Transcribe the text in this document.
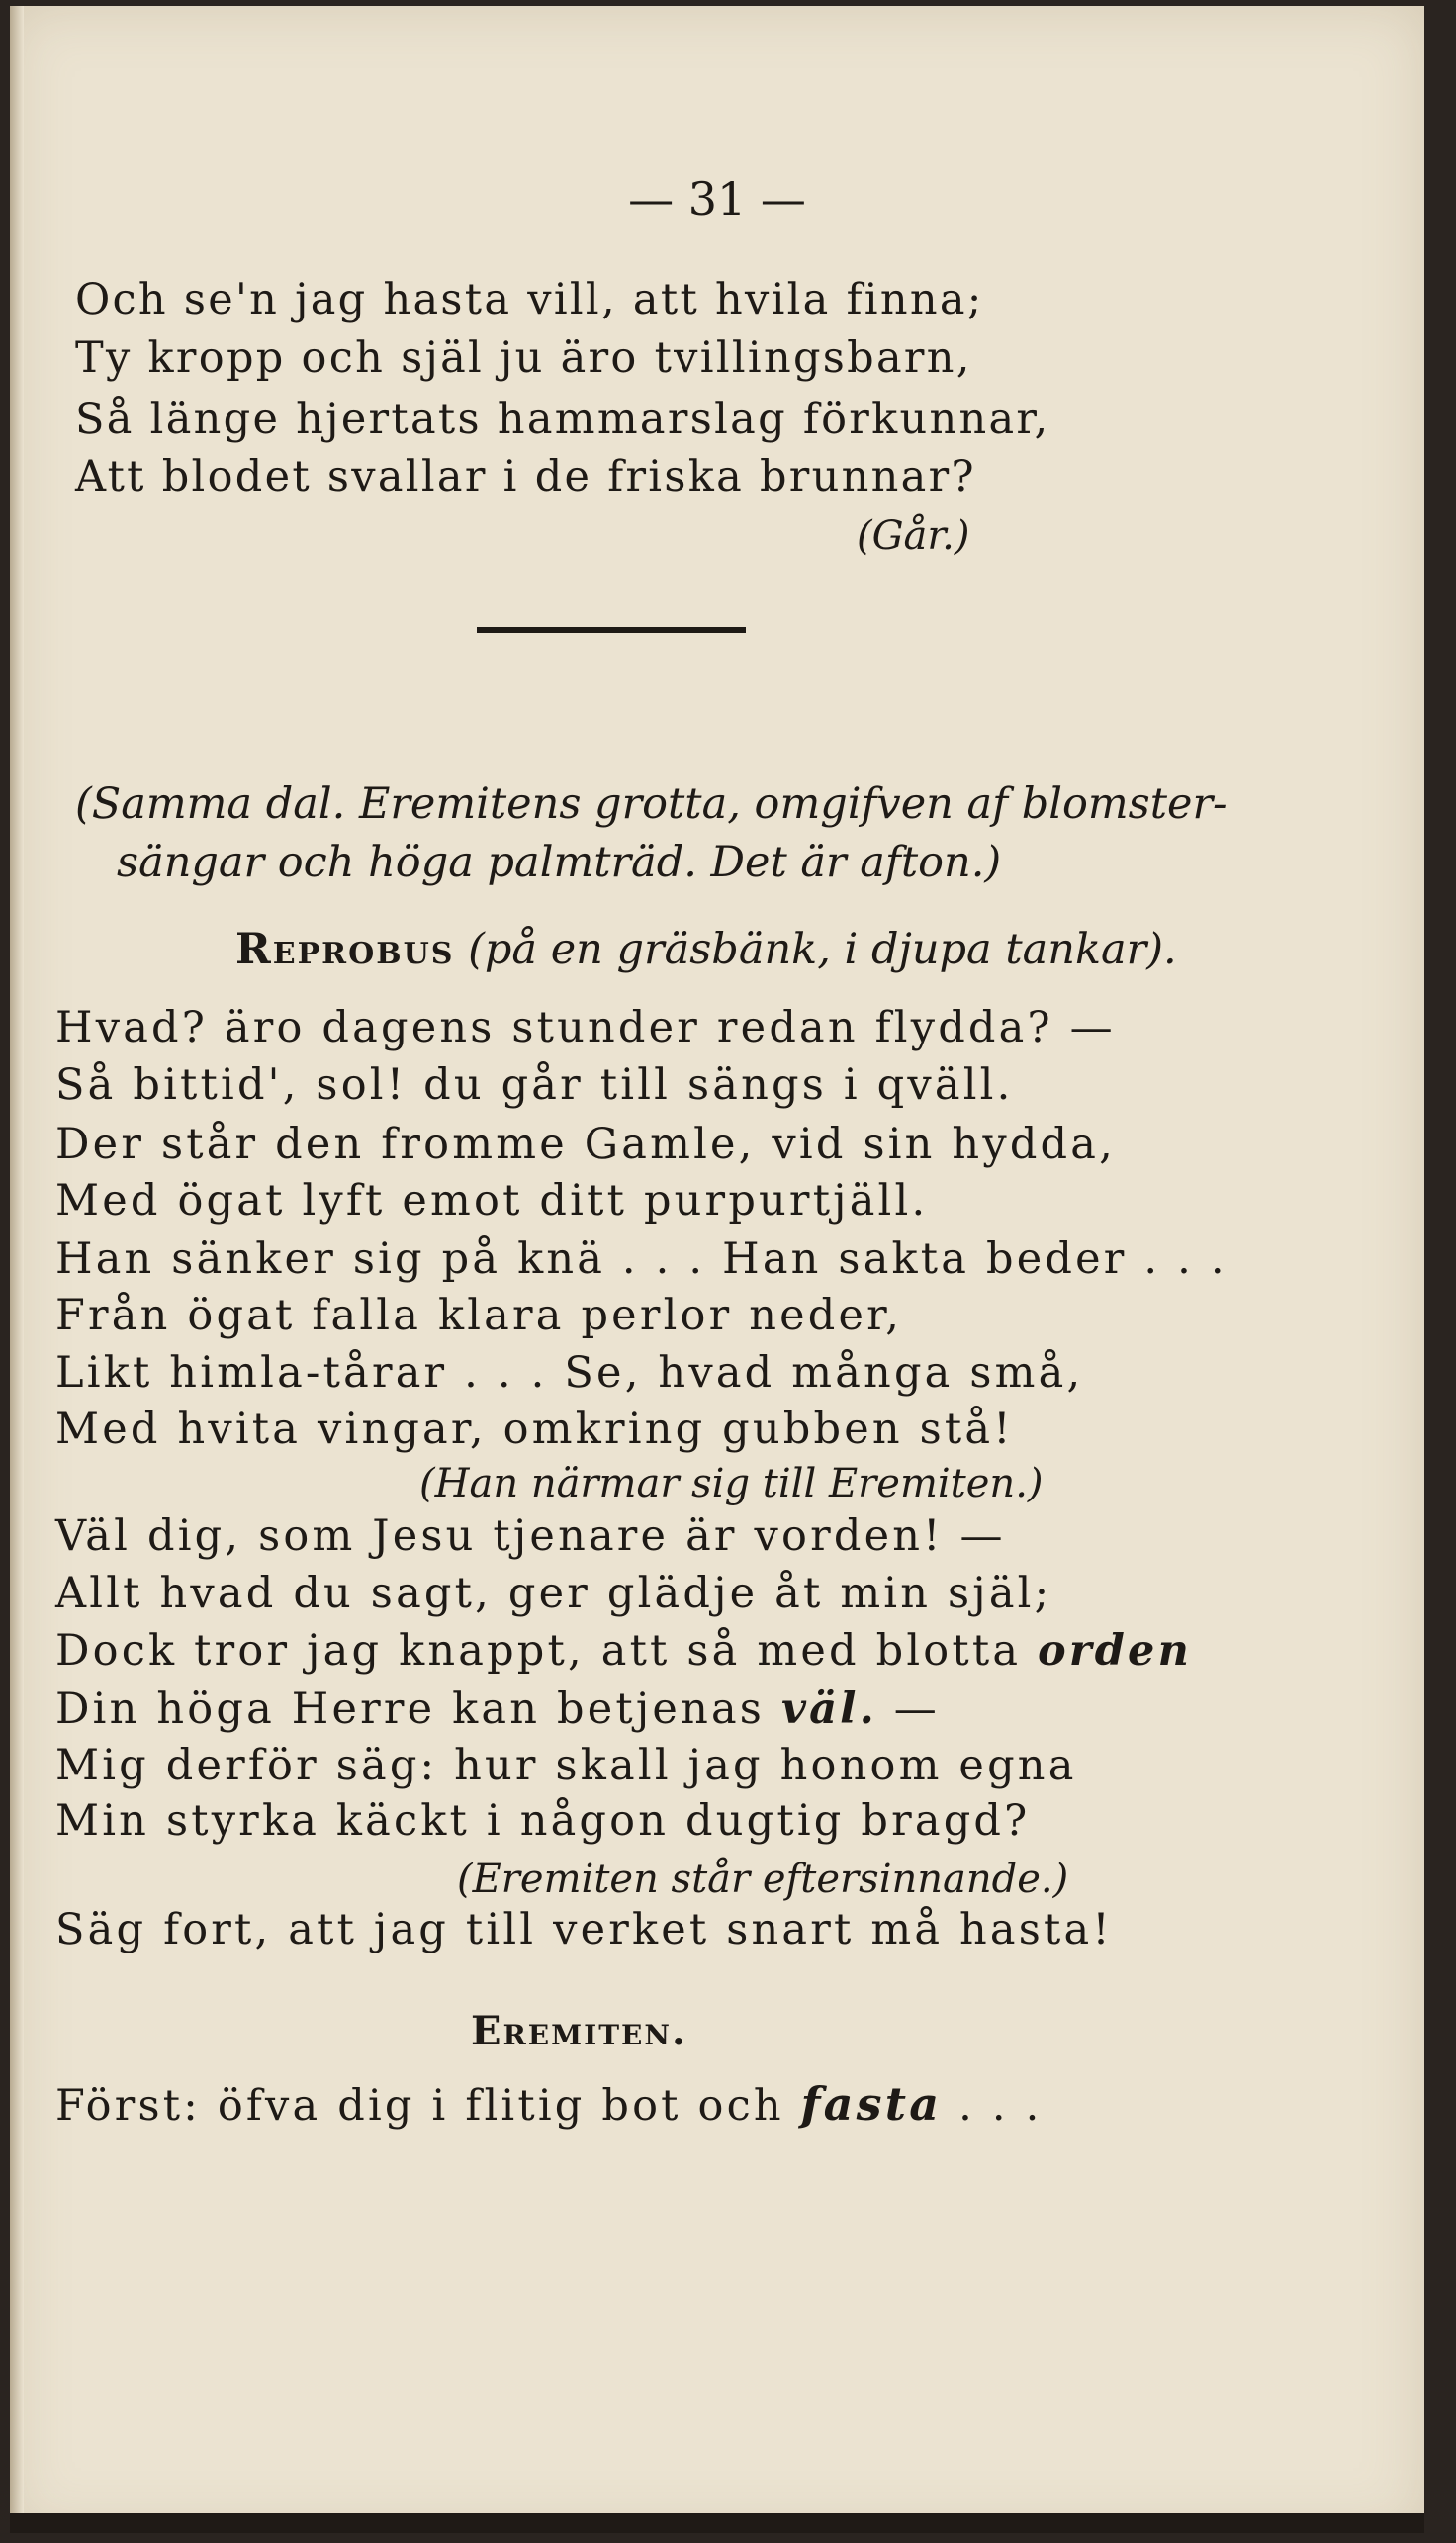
— 31 —
Och se'n jag hasta vill, att hvila finna;
Ty kropp och själ ju äro tvillingsbarn,
Så länge hjertats hammarslag förkunnar,
Att blodet svallar i de friska brunnar?
(Går.)
(Samma dal. Eremitens grotta, omgifven af blomster-
sängar och höga palmträd. Det är afton.)
Reprobus (på en gräsbänk, i djupa tankar).
Hvad? äro dagens stunder redan flydda? —
Så bittid', sol! du går till sängs i qväll.
Der står den fromme Gamle, vid sin hydda,
Med ögat lyft emot ditt purpurtjäll.
Han sänker sig på knä . . . Han sakta beder . . .
Från ögat falla klara perlor neder,
Likt himla-tårar . . . Se, hvad många små,
Med hvita vingar, omkring gubben stå!
(Han närmar sig till Eremiten.)
Väl dig, som Jesu tjenare är vorden! —
Allt hvad du sagt, ger glädje åt min själ;
Dock tror jag knappt, att så med blotta orden
Din höga Herre kan betjenas väl. —
Mig derför säg: hur skall jag honom egna
Min styrka käckt i någon dugtig bragd?
(Eremiten står eftersinnande.)
Säg fort, att jag till verket snart må hasta!
Eremiten.
Först: öfva dig i flitig bot och fasta . . .
